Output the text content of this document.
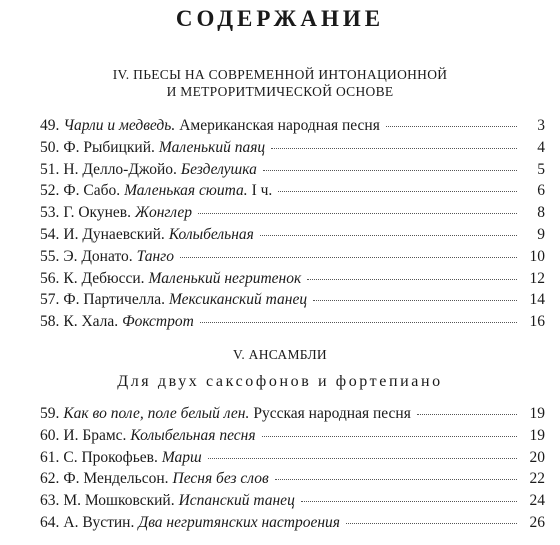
СОДЕРЖАНИЕ
IV. ПЬЕСЫ НА СОВРЕМЕННОЙ ИНТОНАЦИОННОЙ
И МЕТРОРИТМИЧЕСКОЙ ОСНОВЕ
49. Чарли и медведь. Американская народная песня	3
50. Ф. Рыбицкий. Маленький паяц	4
51. Н. Делло-Джойо. Безделушка	5
52. Ф. Сабо. Маленькая сюита. I ч.	6
53. Г. Окунев. Жонглер	8
54. И. Дунаевский. Колыбельная	9
55. Э. Донато. Танго	10
56. К. Дебюсси. Маленький негритенок	12
57. Ф. Партичелла. Мексиканский танец	14
58. К. Хала. Фокстрот	16
V. АНСАМБЛИ
Для двух саксофонов и фортепиано
59. Как во поле, поле белый лен. Русская народная песня	19
60. И. Брамс. Колыбельная песня	19
61. С. Прокофьев. Марш	20
62. Ф. Мендельсон. Песня без слов	22
63. М. Мошковский. Испанский танец	24
64. А. Вустин. Два негритянских настроения	26
